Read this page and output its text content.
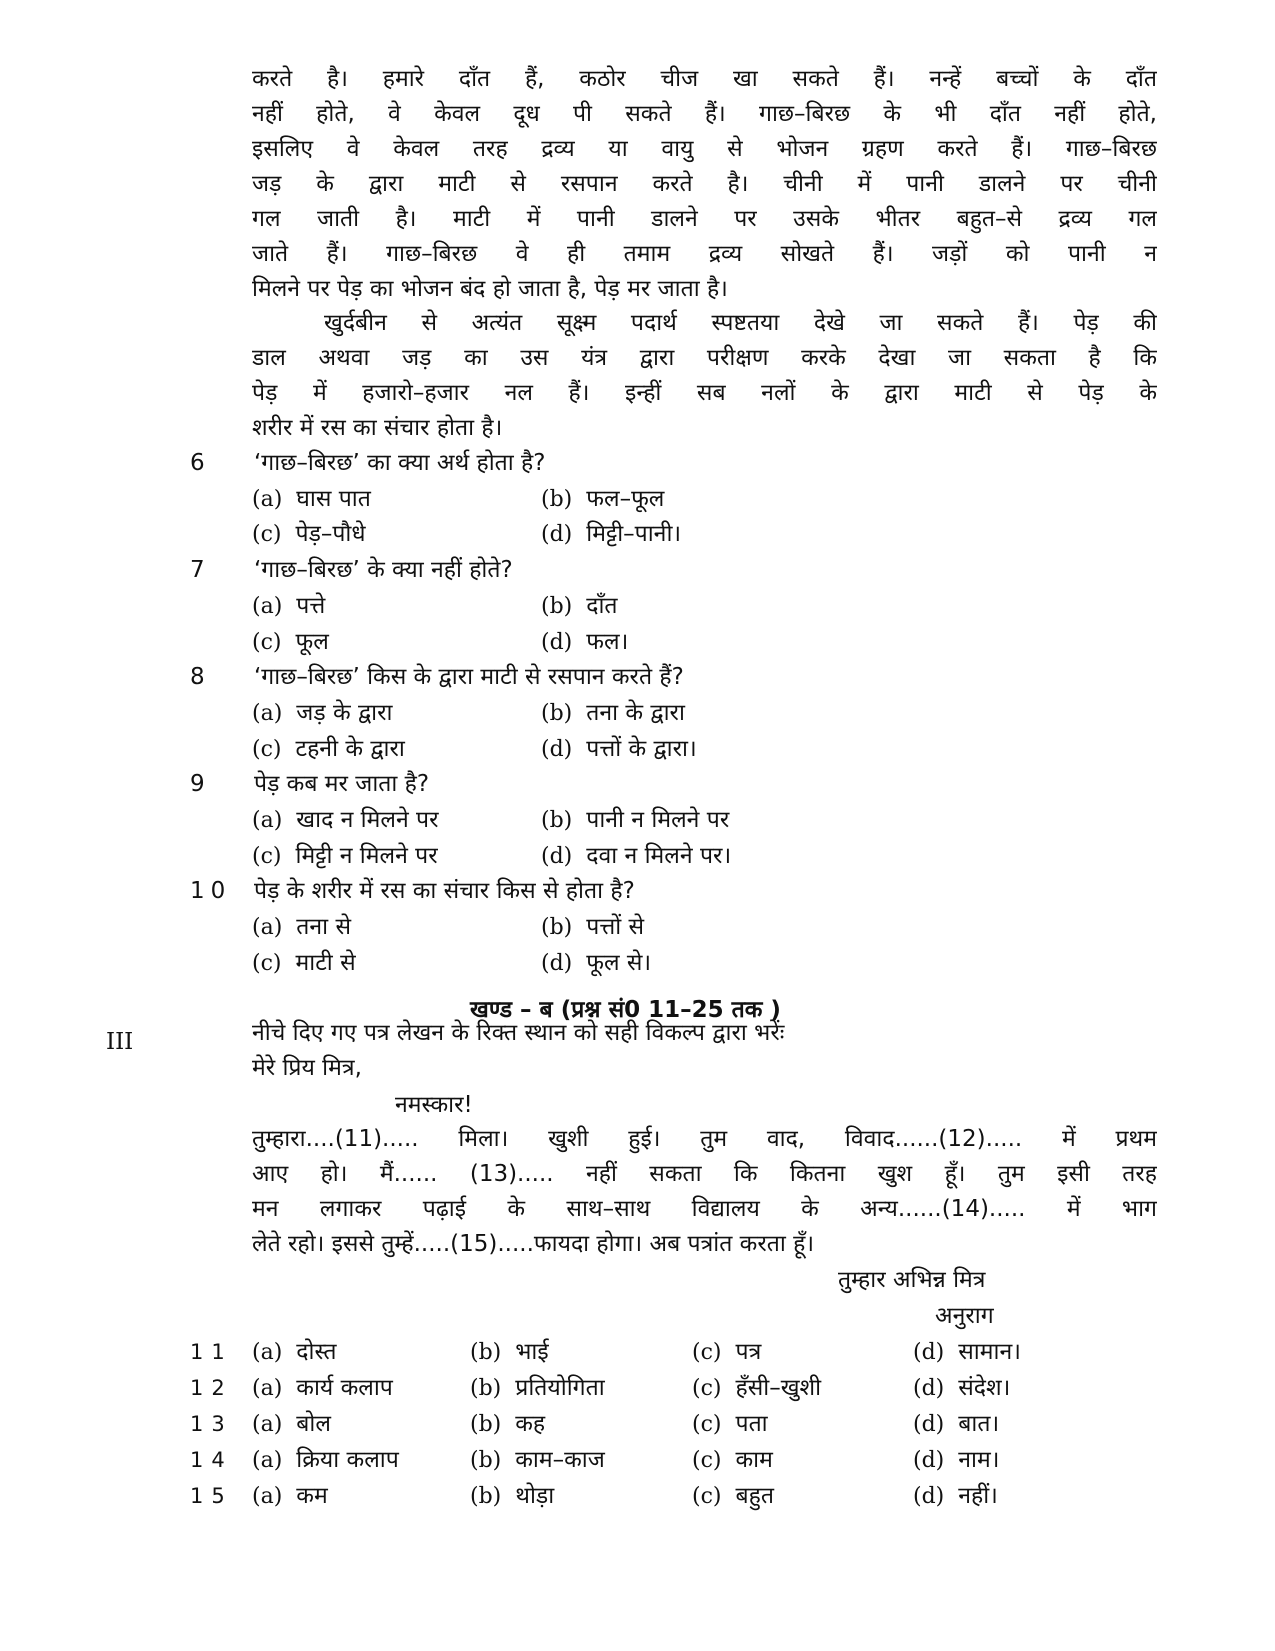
करते है। हमारे दाँत हैं, कठोर चीज खा सकते हैं। नन्हें बच्चों के दाँत
नहीं होते, वे केवल दूध पी सकते हैं। गाछ–बिरछ के भी दाँत नहीं होते,
इसलिए वे केवल तरह द्रव्य या वायु से भोजन ग्रहण करते हैं। गाछ–बिरछ
जड़ के द्वारा माटी से रसपान करते है। चीनी में पानी डालने पर चीनी
गल जाती है। माटी में पानी डालने पर उसके भीतर बहुत–से द्रव्य गल
जाते हैं। गाछ–बिरछ वे ही तमाम द्रव्य सोखते हैं। जड़ों को पानी न
मिलने पर पेड़ का भोजन बंद हो जाता है, पेड़ मर जाता है।
खुर्दबीन से अत्यंत सूक्ष्म पदार्थ स्पष्टतया देखे जा सकते हैं। पेड़ की
डाल अथवा जड़ का उस यंत्र द्वारा परीक्षण करके देखा जा सकता है कि
पेड़ में हजारो–हजार नल हैं। इन्हीं सब नलों के द्वारा माटी से पेड़ के
शरीर में रस का संचार होता है।
6 ‘गाछ–बिरछ’ का क्या अर्थ होता है?
(a) घास पात	(b) फल–फूल
(c) पेड़–पौधे	(d) मिट्टी–पानी।
7 ‘गाछ–बिरछ’ के क्या नहीं होते?
(a) पत्ते	(b) दाँत
(c) फूल	(d) फल।
8 ‘गाछ–बिरछ’ किस के द्वारा माटी से रसपान करते हैं?
(a) जड़ के द्वारा	(b) तना के द्वारा
(c) टहनी के द्वारा	(d) पत्तों के द्वारा।
9 पेड़ कब मर जाता है?
(a) खाद न मिलने पर	(b) पानी न मिलने पर
(c) मिट्टी न मिलने पर	(d) दवा न मिलने पर।
10 पेड़ के शरीर में रस का संचार किस से होता है?
(a) तना से	(b) पत्तों से
(c) माटी से	(d) फूल से।
खण्ड – ब (प्रश्न सं0 11–25 तक )
III	नीचे दिए गए पत्र लेखन के रिक्त स्थान को सही विकल्प द्वारा भरेंः
मेरे प्रिय मित्र,
नमस्कार!
तुम्हारा....(11)..... मिला। खुशी हुई। तुम वाद, विवाद......(12)..... में प्रथम
आए हो। मैं...... (13)..... नहीं सकता कि कितना खुश हूँ। तुम इसी तरह
मन लगाकर पढ़ाई के साथ–साथ विद्यालय के अन्य......(14)..... में भाग
लेते रहो। इससे तुम्हें.....(15).....फायदा होगा। अब पत्रांत करता हूँ।
तुम्हार अभिन्न मित्र
अनुराग
11 (a) दोस्त	(b) भाई	(c) पत्र	(d) सामान।
12 (a) कार्य कलाप	(b) प्रतियोगिता	(c) हँसी–खुशी	(d) संदेश।
13 (a) बोल	(b) कह	(c) पता	(d) बात।
14 (a) क्रिया कलाप	(b) काम–काज	(c) काम	(d) नाम।
15 (a) कम	(b) थोड़ा	(c) बहुत	(d) नहीं।
